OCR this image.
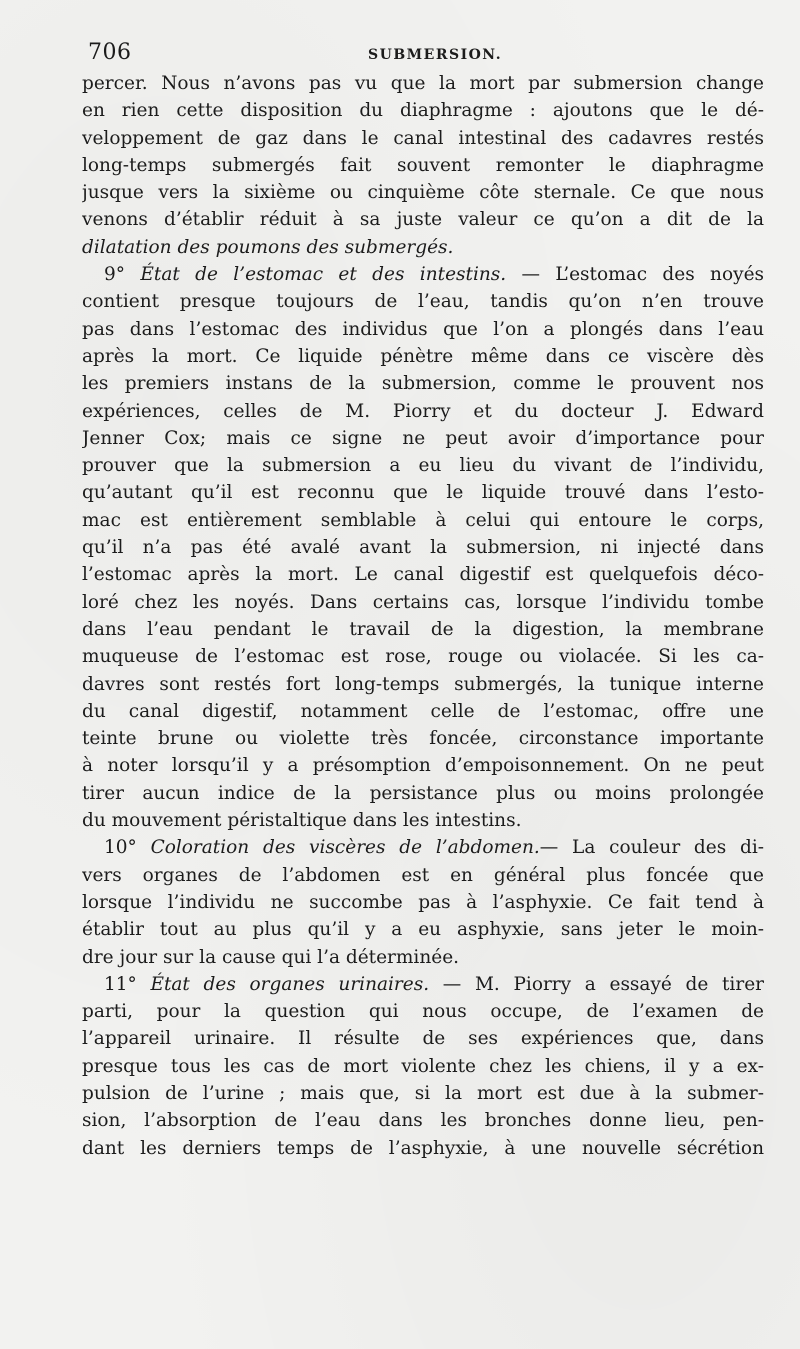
706	SUBMERSION.
percer. Nous n’avons pas vu que la mort par submersion change
en rien cette disposition du diaphragme : ajoutons que le dé-
veloppement de gaz dans le canal intestinal des cadavres restés
long-temps submergés fait souvent remonter le diaphragme
jusque vers la sixième ou cinquième côte sternale. Ce que nous
venons d’établir réduit à sa juste valeur ce qu’on a dit de la
dilatation des poumons des submergés.
9° État de l’estomac et des intestins. — L’estomac des noyés
contient presque toujours de l’eau, tandis qu’on n’en trouve
pas dans l’estomac des individus que l’on a plongés dans l’eau
après la mort. Ce liquide pénètre même dans ce viscère dès
les premiers instans de la submersion, comme le prouvent nos
expériences, celles de M. Piorry et du docteur J. Edward
Jenner Cox; mais ce signe ne peut avoir d’importance pour
prouver que la submersion a eu lieu du vivant de l’individu,
qu’autant qu’il est reconnu que le liquide trouvé dans l’esto-
mac est entièrement semblable à celui qui entoure le corps,
qu’il n’a pas été avalé avant la submersion, ni injecté dans
l’estomac après la mort. Le canal digestif est quelquefois déco-
loré chez les noyés. Dans certains cas, lorsque l’individu tombe
dans l’eau pendant le travail de la digestion, la membrane
muqueuse de l’estomac est rose, rouge ou violacée. Si les ca-
davres sont restés fort long-temps submergés, la tunique interne
du canal digestif, notamment celle de l’estomac, offre une
teinte brune ou violette très foncée, circonstance importante
à noter lorsqu’il y a présomption d’empoisonnement. On ne peut
tirer aucun indice de la persistance plus ou moins prolongée
du mouvement péristaltique dans les intestins.
10° Coloration des viscères de l’abdomen.— La couleur des di-
vers organes de l’abdomen est en général plus foncée que
lorsque l’individu ne succombe pas à l’asphyxie. Ce fait tend à
établir tout au plus qu’il y a eu asphyxie, sans jeter le moin-
dre jour sur la cause qui l’a déterminée.
11° État des organes urinaires. — M. Piorry a essayé de tirer
parti, pour la question qui nous occupe, de l’examen de
l’appareil urinaire. Il résulte de ses expériences que, dans
presque tous les cas de mort violente chez les chiens, il y a ex-
pulsion de l’urine ; mais que, si la mort est due à la submer-
sion, l’absorption de l’eau dans les bronches donne lieu, pen-
dant les derniers temps de l’asphyxie, à une nouvelle sécrétion
